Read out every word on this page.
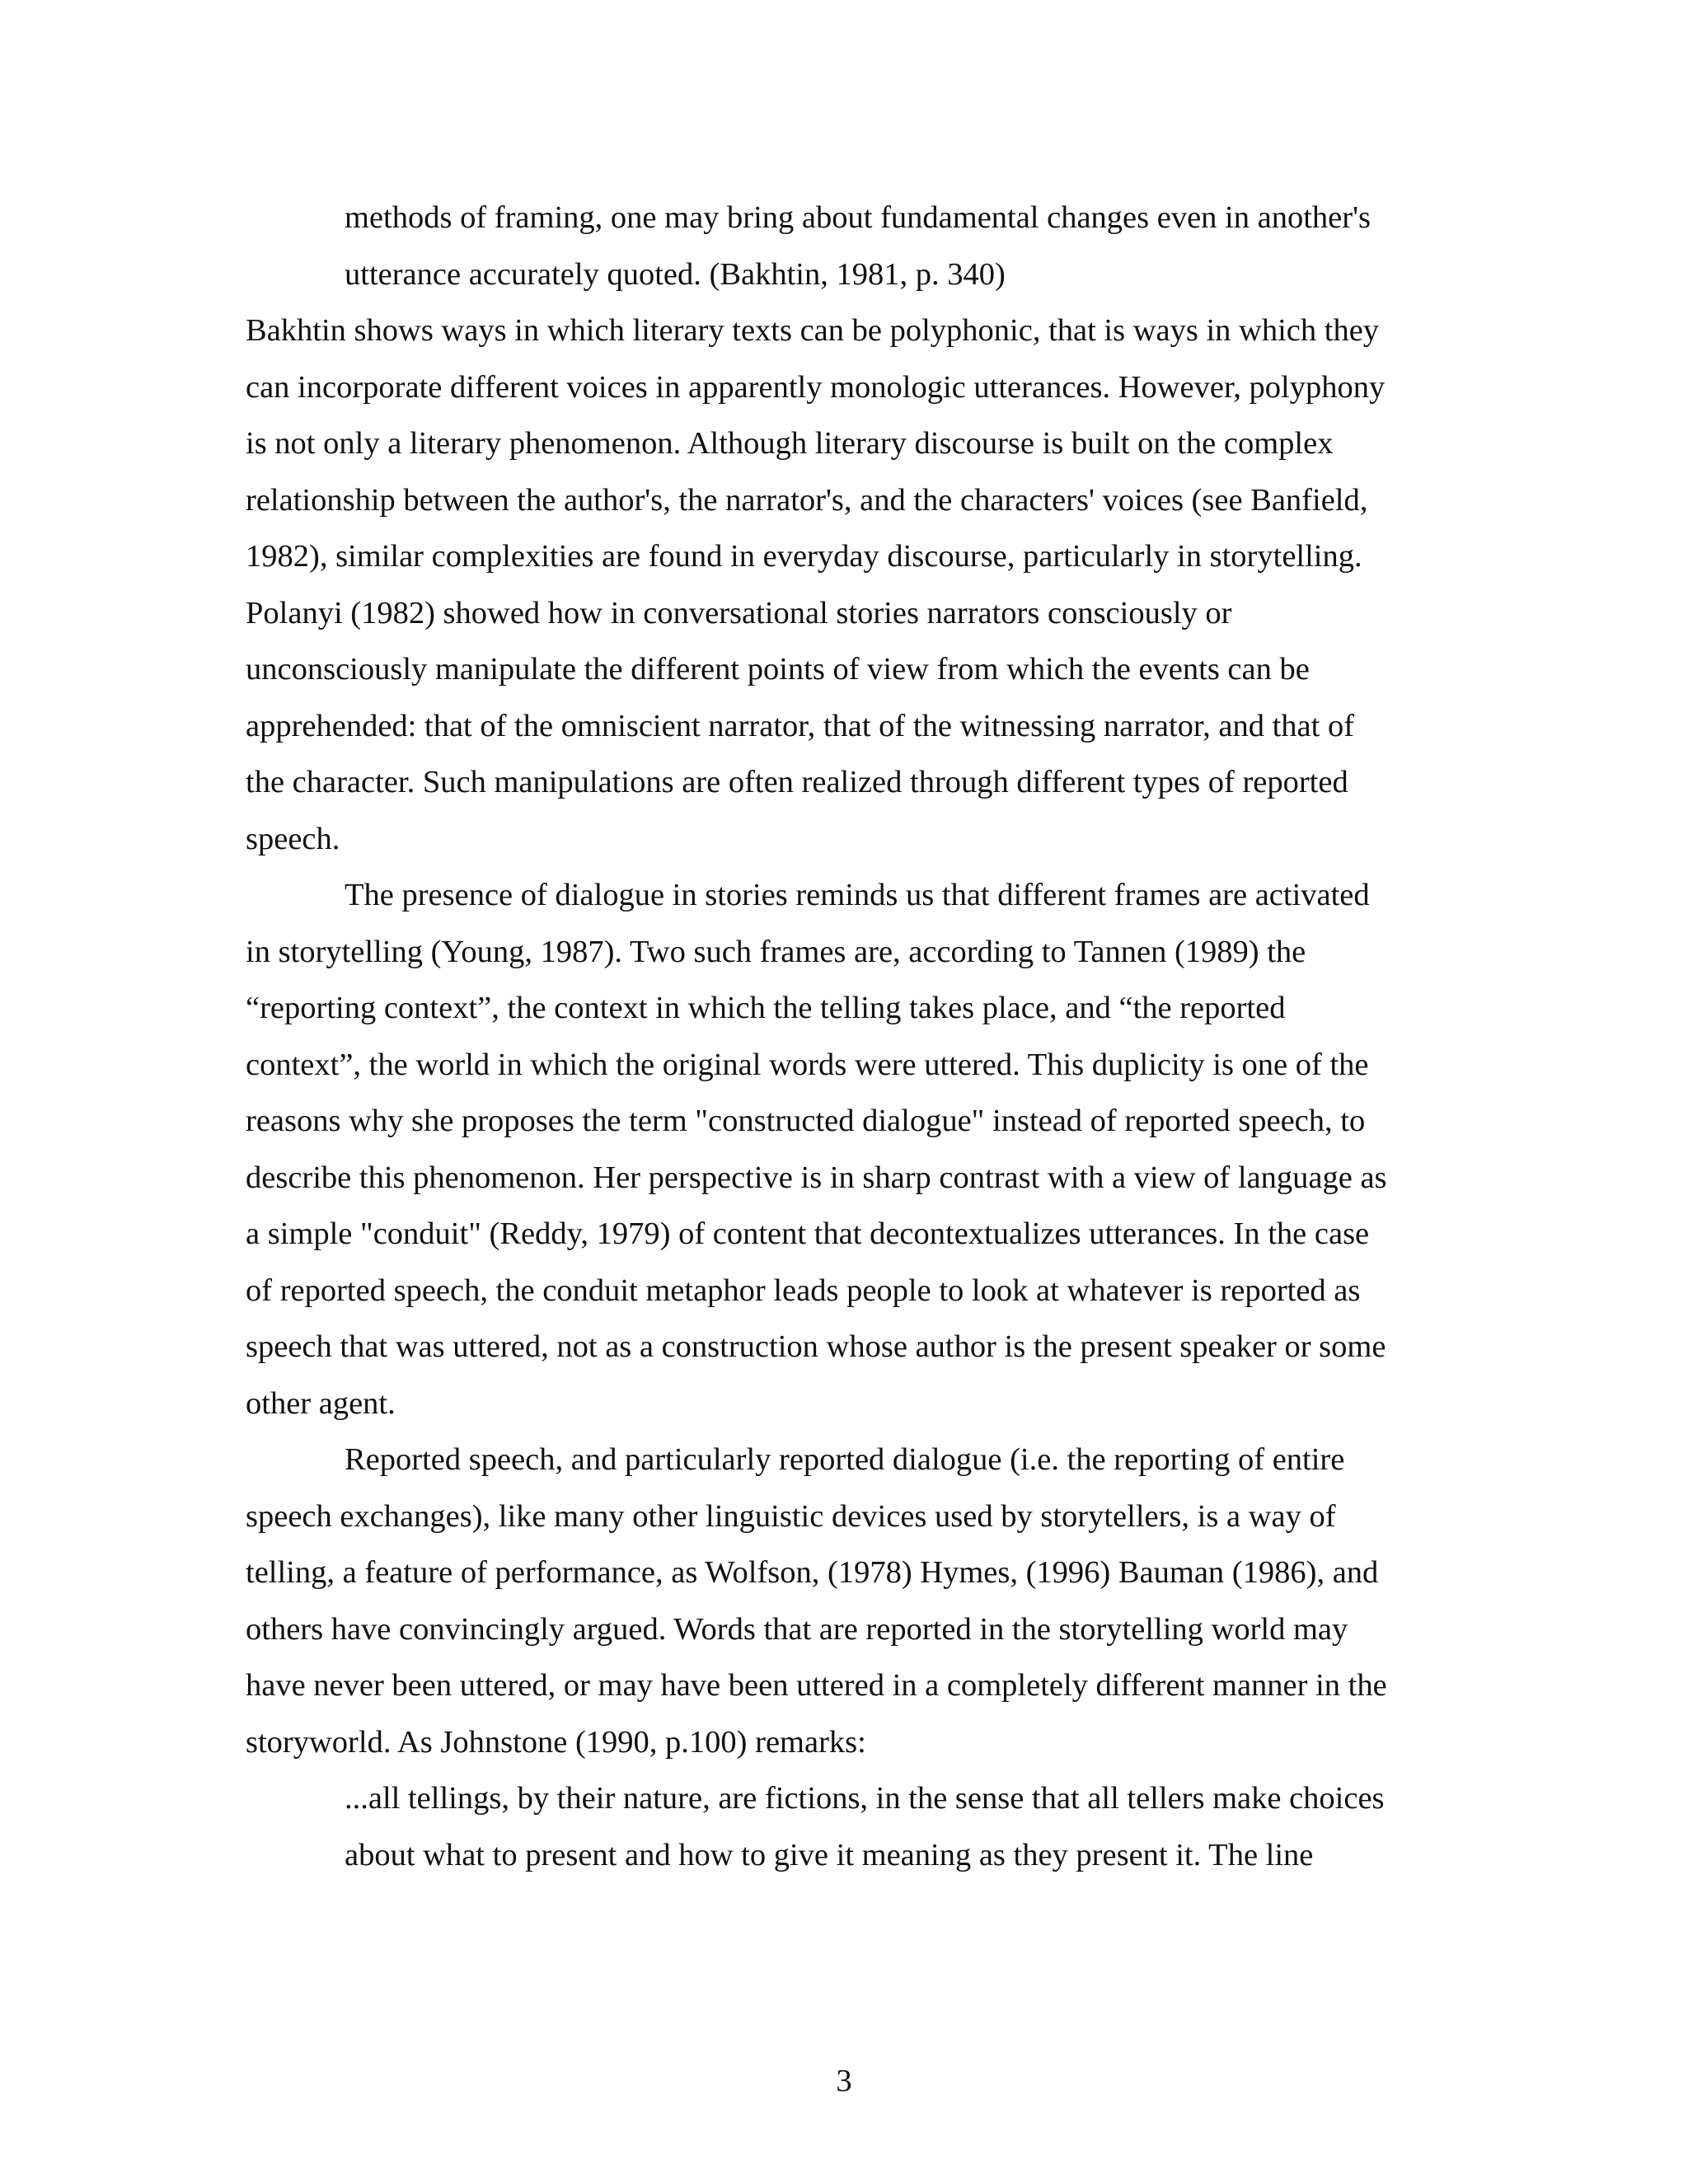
methods of framing, one may bring about fundamental changes even in another's
utterance accurately quoted. (Bakhtin, 1981, p. 340)
Bakhtin shows ways in which literary texts can be polyphonic, that is ways in which they
can incorporate different voices in apparently monologic utterances. However, polyphony
is not only a literary phenomenon. Although literary discourse is built on the complex
relationship between the author's, the narrator's, and the characters' voices (see Banfield,
1982), similar complexities are found in everyday discourse, particularly in storytelling.
Polanyi (1982) showed how in conversational stories narrators consciously or
unconsciously manipulate the different points of view from which the events can be
apprehended: that of the omniscient narrator, that of the witnessing narrator, and that of
the character. Such manipulations are often realized through different types of reported
speech.
The presence of dialogue in stories reminds us that different frames are activated
in storytelling (Young, 1987). Two such frames are, according to Tannen (1989) the
“reporting context”, the context in which the telling takes place, and “the reported
context”, the world in which the original words were uttered. This duplicity is one of the
reasons why she proposes the term "constructed dialogue" instead of reported speech, to
describe this phenomenon. Her perspective is in sharp contrast with a view of language as
a simple "conduit" (Reddy, 1979) of content that decontextualizes utterances. In the case
of reported speech, the conduit metaphor leads people to look at whatever is reported as
speech that was uttered, not as a construction whose author is the present speaker or some
other agent.
Reported speech, and particularly reported dialogue (i.e. the reporting of entire
speech exchanges), like many other linguistic devices used by storytellers, is a way of
telling, a feature of performance, as Wolfson, (1978) Hymes, (1996) Bauman (1986), and
others have convincingly argued. Words that are reported in the storytelling world may
have never been uttered, or may have been uttered in a completely different manner in the
storyworld. As Johnstone (1990, p.100) remarks:
...all tellings, by their nature, are fictions, in the sense that all tellers make choices
about what to present and how to give it meaning as they present it. The line
3
